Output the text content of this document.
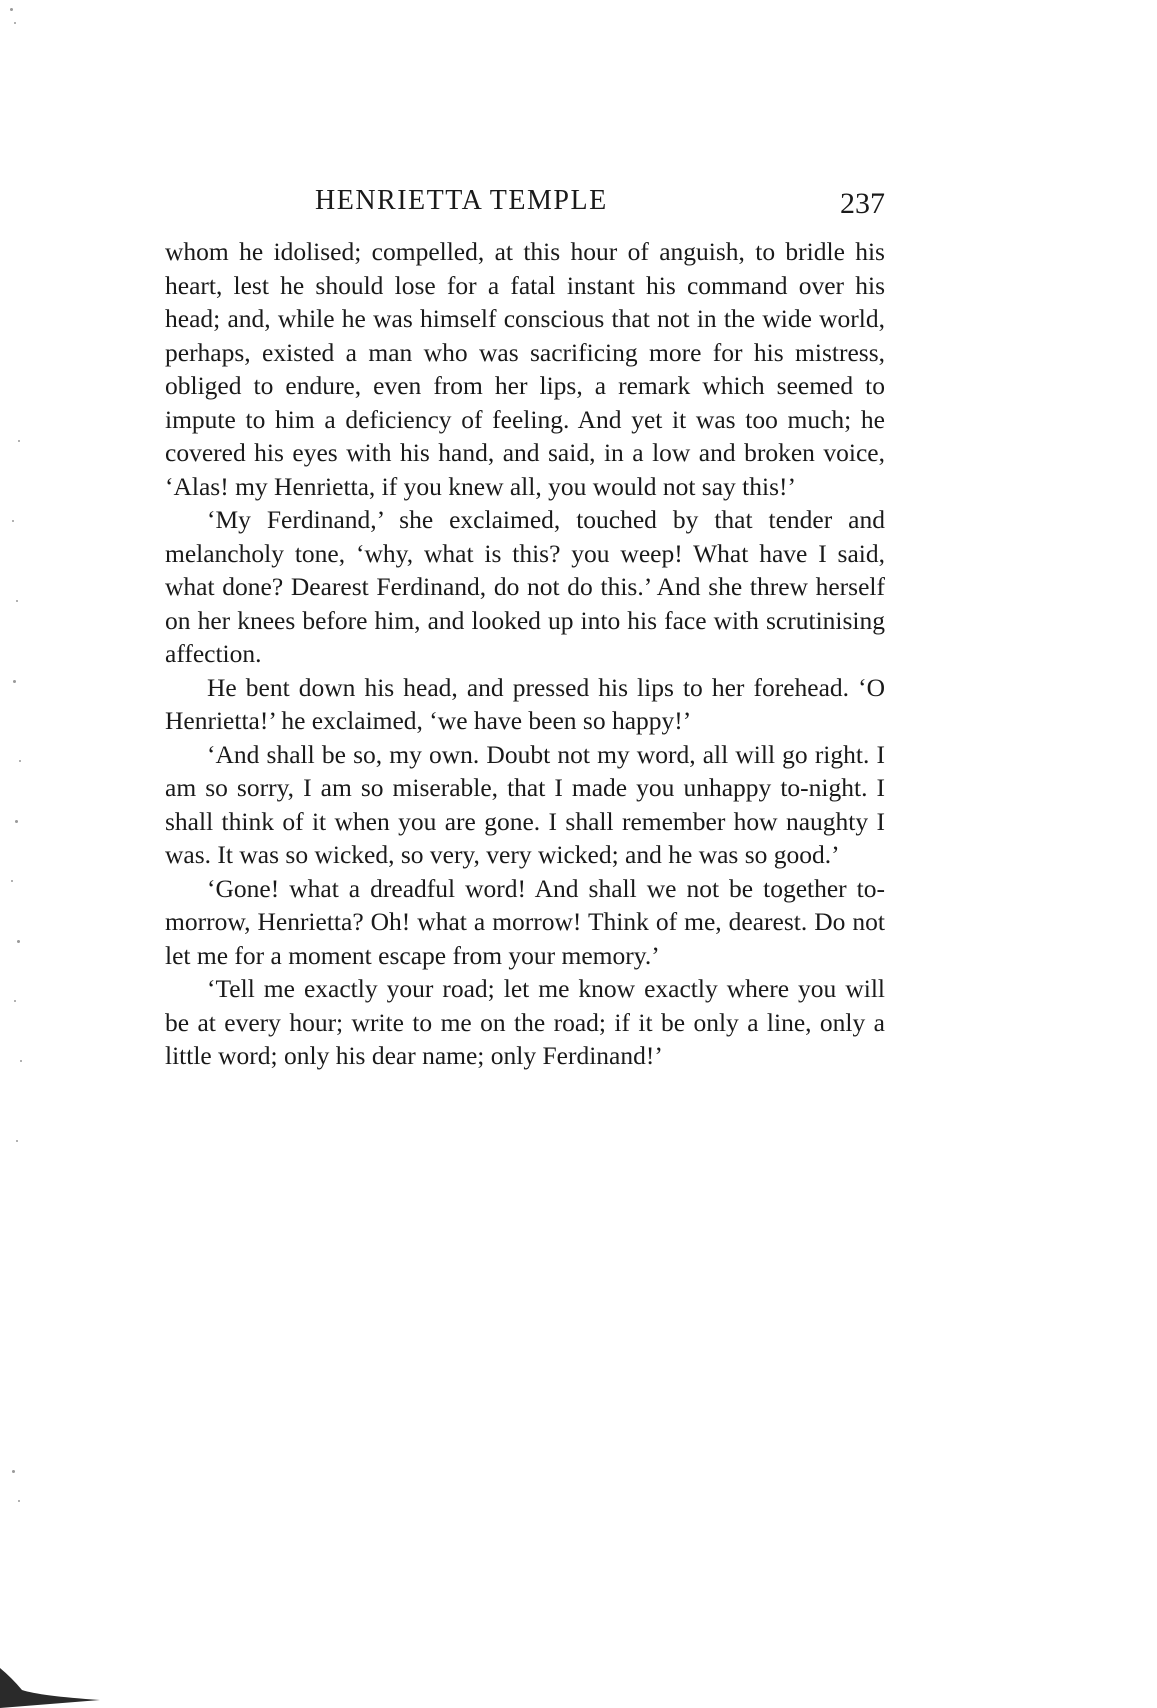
HENRIETTA TEMPLE	237

whom he idolised; compelled, at this hour of anguish, to bridle his heart, lest he should lose for a fatal instant his command over his head; and, while he was himself conscious that not in the wide world, perhaps, existed a man who was sacrificing more for his mistress, obliged to endure, even from her lips, a remark which seemed to impute to him a deficiency of feeling. And yet it was too much; he covered his eyes with his hand, and said, in a low and broken voice, ‘Alas! my Henrietta, if you knew all, you would not say this!’

‘My Ferdinand,’ she exclaimed, touched by that tender and melancholy tone, ‘why, what is this? you weep! What have I said, what done? Dearest Ferdinand, do not do this.’ And she threw herself on her knees before him, and looked up into his face with scrutinising affection.

He bent down his head, and pressed his lips to her forehead. ‘O Henrietta!’ he exclaimed, ‘we have been so happy!’

‘And shall be so, my own. Doubt not my word, all will go right. I am so sorry, I am so miserable, that I made you unhappy to-night. I shall think of it when you are gone. I shall remember how naughty I was. It was so wicked, so very, very wicked; and he was so good.’

‘Gone! what a dreadful word! And shall we not be together to-morrow, Henrietta? Oh! what a morrow! Think of me, dearest. Do not let me for a moment escape from your memory.’

‘Tell me exactly your road; let me know exactly where you will be at every hour; write to me on the road; if it be only a line, only a little word; only his dear name; only Ferdinand!’
